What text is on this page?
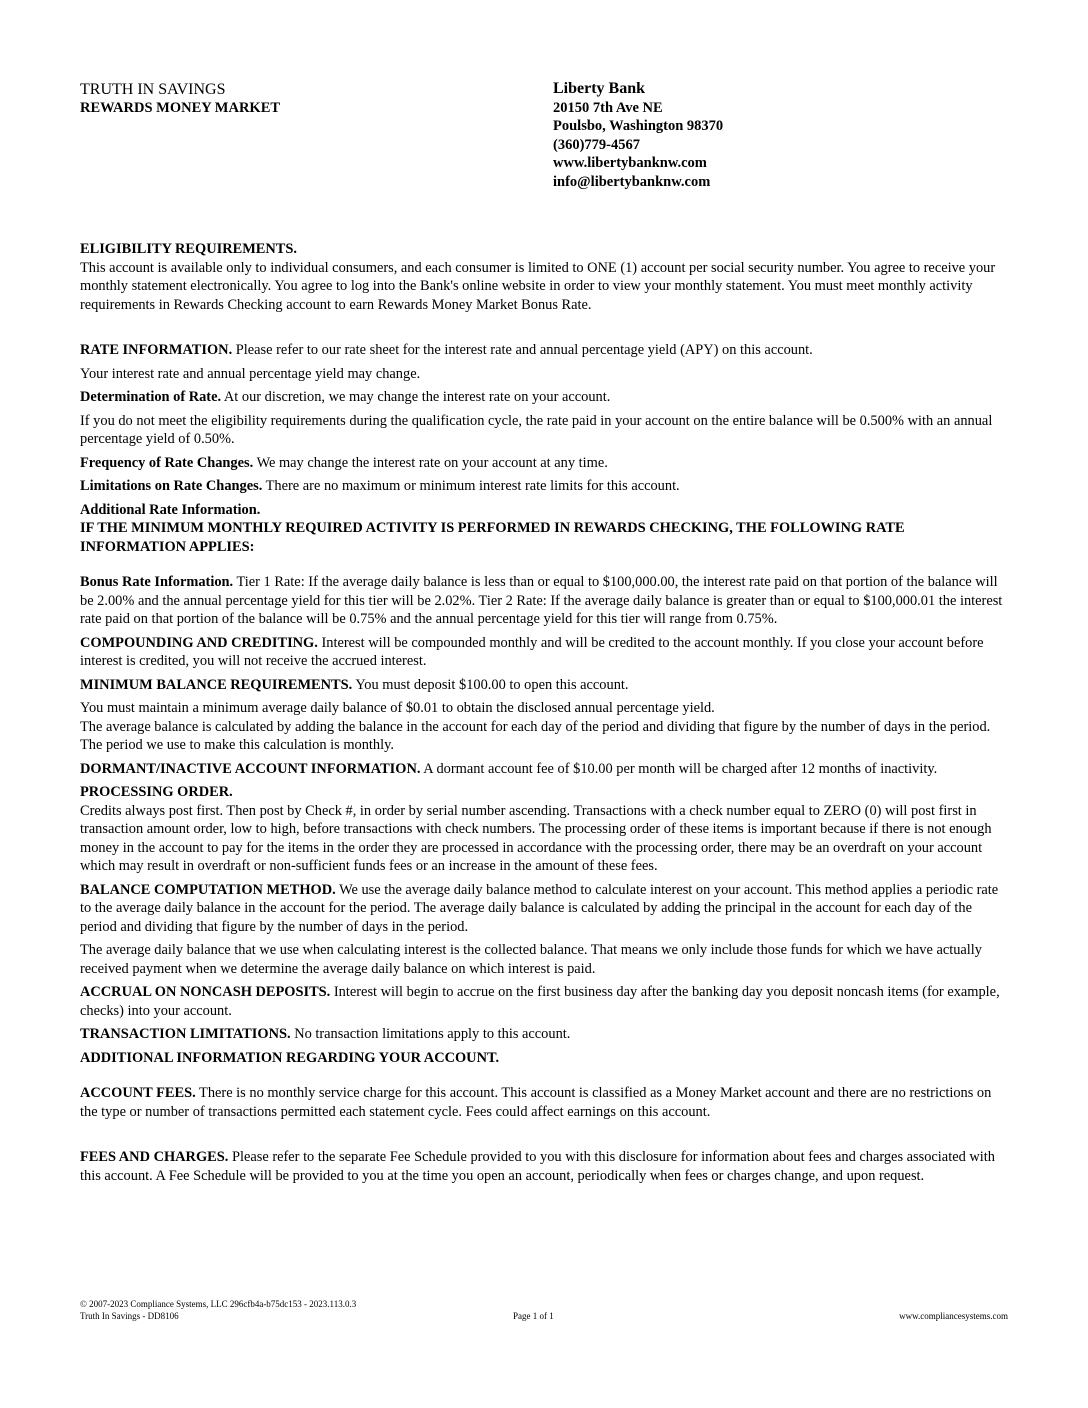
TRUTH IN SAVINGS
REWARDS MONEY MARKET
Liberty Bank
20150 7th Ave NE
Poulsbo, Washington 98370
(360)779-4567
www.libertybanknw.com
info@libertybanknw.com

ELIGIBILITY REQUIREMENTS.
This account is available only to individual consumers, and each consumer is limited to ONE (1) account per social security number. You agree to receive your monthly statement electronically. You agree to log into the Bank's online website in order to view your monthly statement. You must meet monthly activity requirements in Rewards Checking account to earn Rewards Money Market Bonus Rate.

RATE INFORMATION. Please refer to our rate sheet for the interest rate and annual percentage yield (APY) on this account.

Your interest rate and annual percentage yield may change.

Determination of Rate. At our discretion, we may change the interest rate on your account.

If you do not meet the eligibility requirements during the qualification cycle, the rate paid in your account on the entire balance will be 0.500% with an annual percentage yield of 0.50%.

Frequency of Rate Changes. We may change the interest rate on your account at any time.

Limitations on Rate Changes. There are no maximum or minimum interest rate limits for this account.

Additional Rate Information.
IF THE MINIMUM MONTHLY REQUIRED ACTIVITY IS PERFORMED IN REWARDS CHECKING, THE FOLLOWING RATE INFORMATION APPLIES:

Bonus Rate Information. Tier 1 Rate: If the average daily balance is less than or equal to $100,000.00, the interest rate paid on that portion of the balance will be 2.00% and the annual percentage yield for this tier will be 2.02%. Tier 2 Rate: If the average daily balance is greater than or equal to $100,000.01 the interest rate paid on that portion of the balance will be 0.75% and the annual percentage yield for this tier will range from 0.75%.

COMPOUNDING AND CREDITING. Interest will be compounded monthly and will be credited to the account monthly. If you close your account before interest is credited, you will not receive the accrued interest.

MINIMUM BALANCE REQUIREMENTS. You must deposit $100.00 to open this account.

You must maintain a minimum average daily balance of $0.01 to obtain the disclosed annual percentage yield.
The average balance is calculated by adding the balance in the account for each day of the period and dividing that figure by the number of days in the period. The period we use to make this calculation is monthly.

DORMANT/INACTIVE ACCOUNT INFORMATION. A dormant account fee of $10.00 per month will be charged after 12 months of inactivity.

PROCESSING ORDER.
Credits always post first. Then post by Check #, in order by serial number ascending. Transactions with a check number equal to ZERO (0) will post first in transaction amount order, low to high, before transactions with check numbers. The processing order of these items is important because if there is not enough money in the account to pay for the items in the order they are processed in accordance with the processing order, there may be an overdraft on your account which may result in overdraft or non-sufficient funds fees or an increase in the amount of these fees.

BALANCE COMPUTATION METHOD. We use the average daily balance method to calculate interest on your account. This method applies a periodic rate to the average daily balance in the account for the period. The average daily balance is calculated by adding the principal in the account for each day of the period and dividing that figure by the number of days in the period.

The average daily balance that we use when calculating interest is the collected balance. That means we only include those funds for which we have actually received payment when we determine the average daily balance on which interest is paid.

ACCRUAL ON NONCASH DEPOSITS. Interest will begin to accrue on the first business day after the banking day you deposit noncash items (for example, checks) into your account.

TRANSACTION LIMITATIONS. No transaction limitations apply to this account.

ADDITIONAL INFORMATION REGARDING YOUR ACCOUNT.

ACCOUNT FEES. There is no monthly service charge for this account. This account is classified as a Money Market account and there are no restrictions on the type or number of transactions permitted each statement cycle. Fees could affect earnings on this account.

FEES AND CHARGES. Please refer to the separate Fee Schedule provided to you with this disclosure for information about fees and charges associated with this account. A Fee Schedule will be provided to you at the time you open an account, periodically when fees or charges change, and upon request.

© 2007-2023 Compliance Systems, LLC 296cfb4a-b75dc153 - 2023.113.0.3
Truth In Savings - DD8106	Page 1 of 1	www.compliancesystems.com
